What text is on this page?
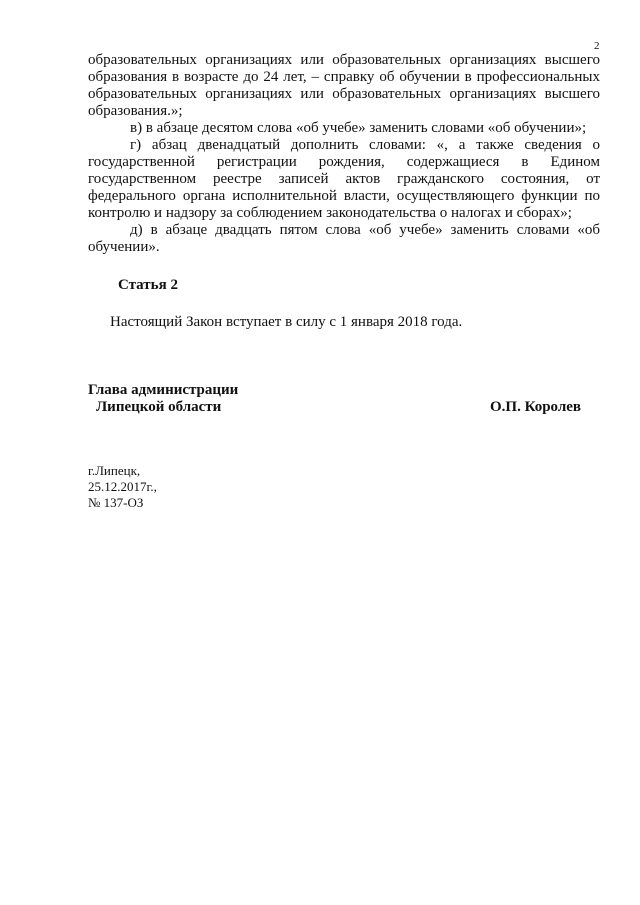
2

образовательных организациях или образовательных организациях высшего образования в возрасте до 24 лет, – справку об обучении в профессиональных образовательных организациях или образовательных организациях высшего образования.»;

в) в абзаце десятом слова «об учебе» заменить словами «об обучении»;

г) абзац двенадцатый дополнить словами: «, а также сведения о государственной регистрации рождения, содержащиеся в Едином государственном реестре записей актов гражданского состояния, от федерального органа исполнительной власти, осуществляющего функции по контролю и надзору за соблюдением законодательства о налогах и сборах»;

д) в абзаце двадцать пятом слова «об учебе» заменить словами «об обучении».

Статья 2
Настоящий Закон вступает в силу с 1 января 2018 года.
Глава администрации
Липецкой области	О.П. Королев
г.Липецк,
25.12.2017г.,
№ 137-ОЗ
